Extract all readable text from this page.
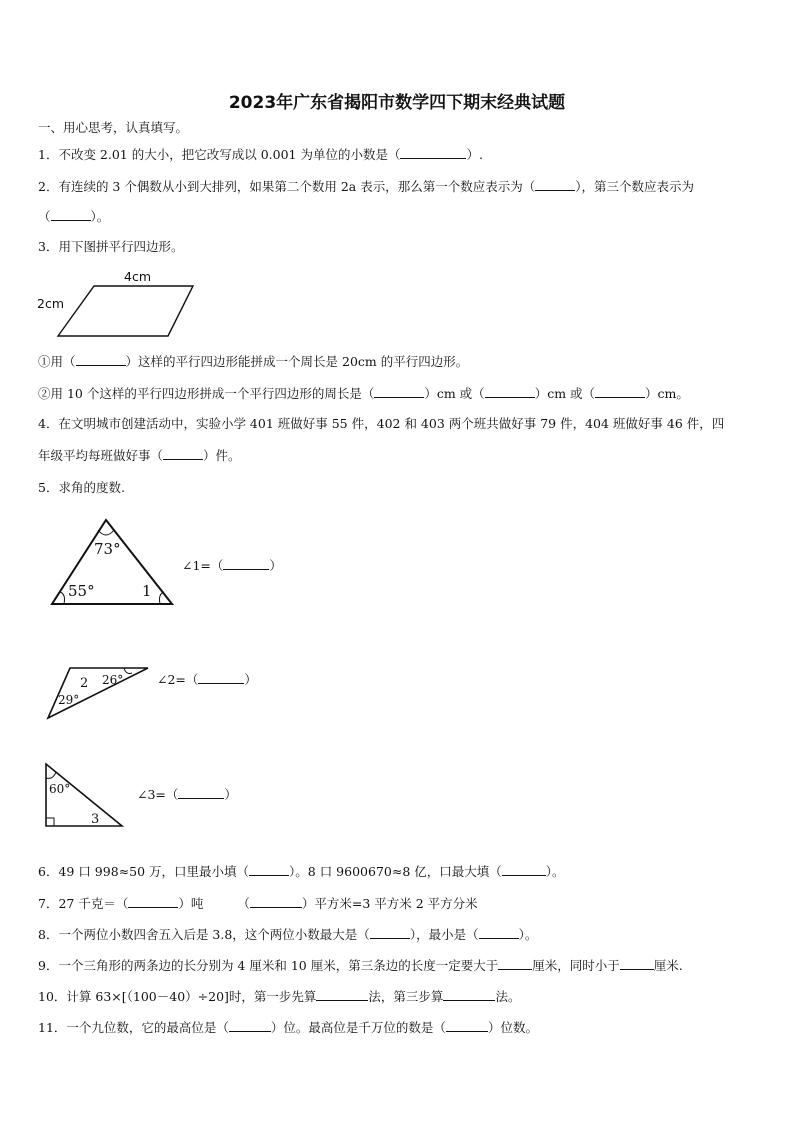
2023年广东省揭阳市数学四下期末经典试题
一、用心思考，认真填写。
1．不改变 2.01 的大小，把它改写成以 0.001 为单位的小数是（	）.
2．有连续的 3 个偶数从小到大排列，如果第二个数用 2a 表示，那么第一个数应表示为（	），第三个数应表示为
（	）。
3．用下图拼平行四边形。
4cm
2cm
①用（	）这样的平行四边形能拼成一个周长是 20cm 的平行四边形。
②用 10 个这样的平行四边形拼成一个平行四边形的周长是（	）cm 或（	）cm 或（	）cm。
4．在文明城市创建活动中，实验小学 401 班做好事 55 件，402 和 403 两个班共做好事 79 件，404 班做好事 46 件，四
年级平均每班做好事（	）件。
5．求角的度数.
73°
55°	1
∠1=（	）
2 26°
29°
∠2=（	）
60°
3
∠3=（	）
6．49 口 998≈50 万，口里最小填（	）。8 口 9600670≈8 亿，口最大填（	）。
7．27 千克＝（	）吨	（	）平方米=3 平方米 2 平方分米
8．一个两位小数四舍五入后是 3.8，这个两位小数最大是（	），最小是（	）。
9．一个三角形的两条边的长分别为 4 厘米和 10 厘米，第三条边的长度一定要大于	厘米，同时小于	厘米.
10．计算 63×[（100－40）÷20]时，第一步先算	法，第三步算	法。
11．一个九位数，它的最高位是（	）位。最高位是千万位的数是（	）位数。
